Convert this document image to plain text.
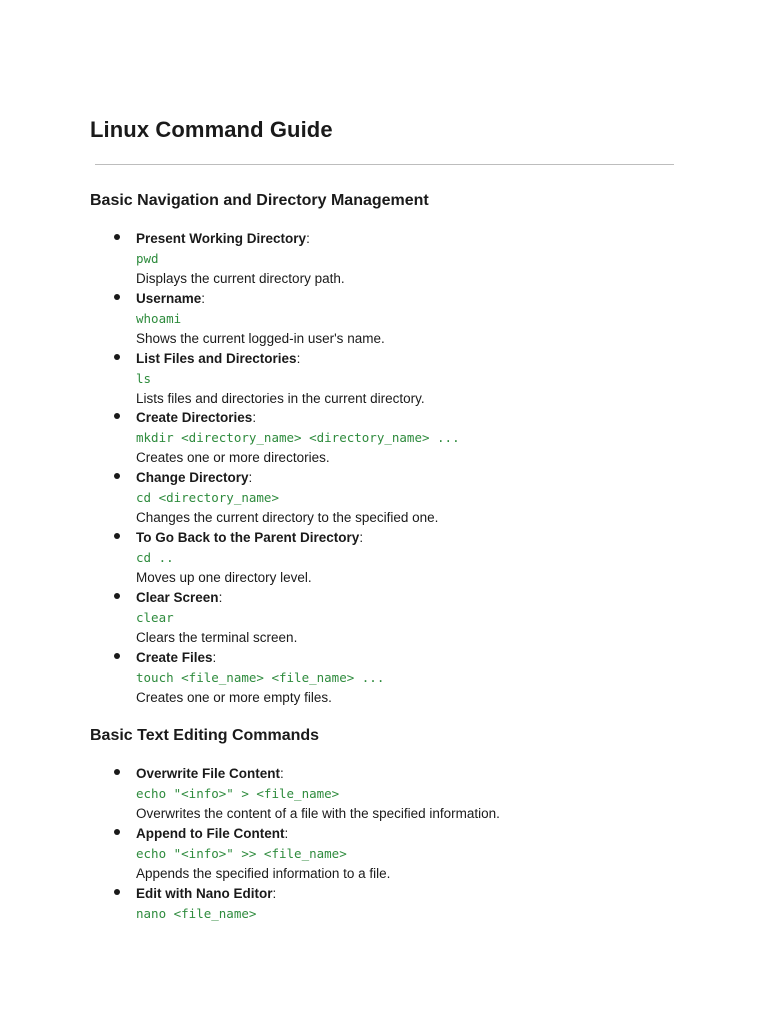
Linux Command Guide
Basic Navigation and Directory Management
Present Working Directory:
pwd
Displays the current directory path.
Username:
whoami
Shows the current logged-in user's name.
List Files and Directories:
ls
Lists files and directories in the current directory.
Create Directories:
mkdir <directory_name> <directory_name> ...
Creates one or more directories.
Change Directory:
cd <directory_name>
Changes the current directory to the specified one.
To Go Back to the Parent Directory:
cd ..
Moves up one directory level.
Clear Screen:
clear
Clears the terminal screen.
Create Files:
touch <file_name> <file_name> ...
Creates one or more empty files.
Basic Text Editing Commands
Overwrite File Content:
echo "<info>" > <file_name>
Overwrites the content of a file with the specified information.
Append to File Content:
echo "<info>" >> <file_name>
Appends the specified information to a file.
Edit with Nano Editor:
nano <file_name>
